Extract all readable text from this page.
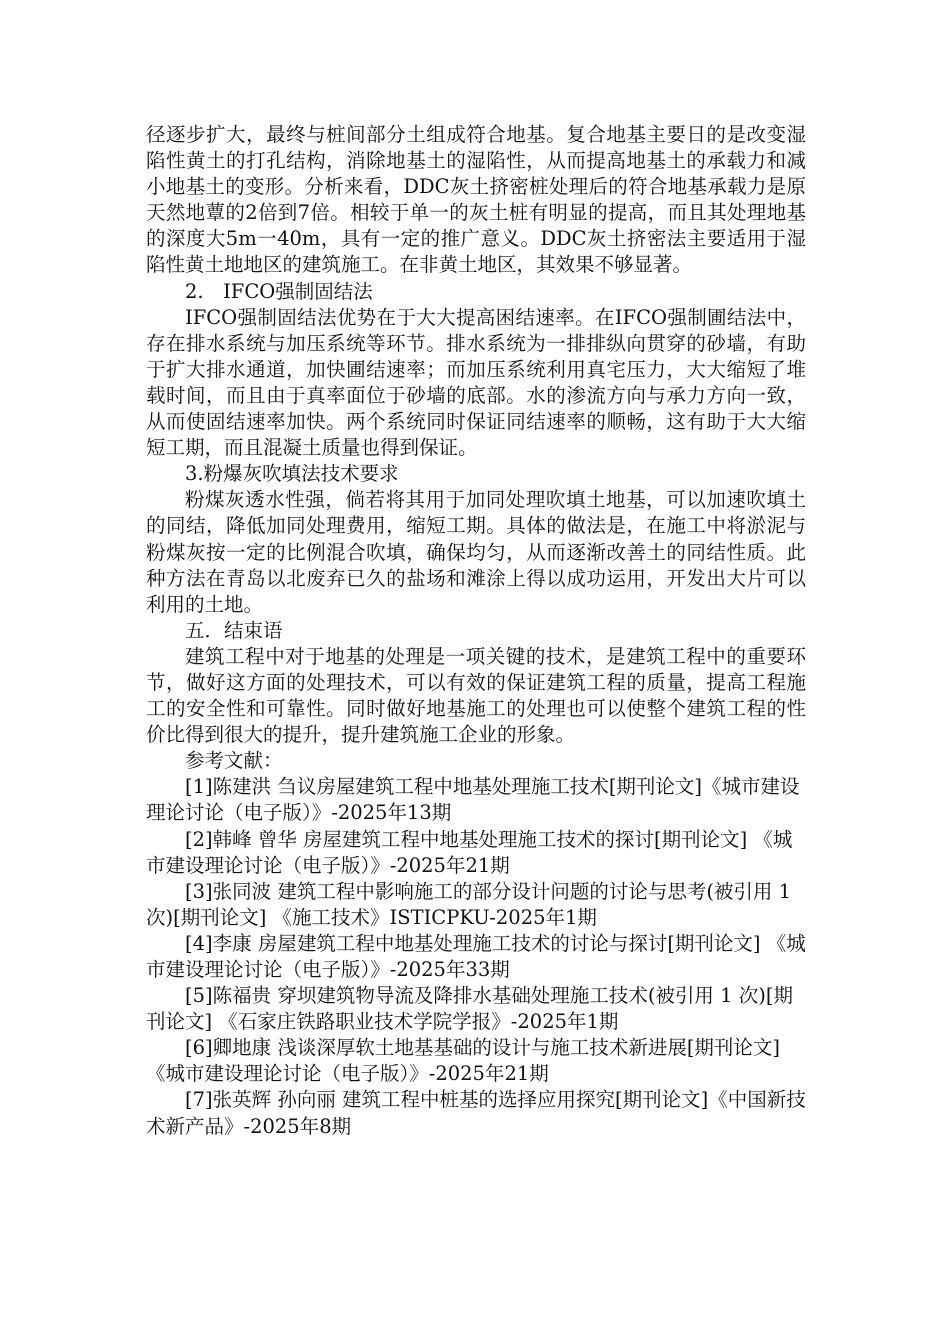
径逐步扩大，最终与桩间部分土组成符合地基。复合地基主要日的是改变湿陷性黄土的打孔结构，消除地基土的湿陷性，从而提高地基土的承载力和减小地基土的变形。分析来看，DDC灰土挤密桩处理后的符合地基承载力是原天然地蕈的2倍到7倍。相较于单一的灰土桩有明显的提高，而且其处理地基的深度大5m一40m，具有一定的推广意义。DDC灰土挤密法主要适用于湿陷性黄土地地区的建筑施工。在非黄土地区，其效果不够显著。

2.　IFCO强制固结法

IFCO强制固结法优势在于大大提高困结速率。在IFCO强制圃结法中，存在排水系统与加压系统等环节。排水系统为一排排纵向贯穿的砂墙，有助于扩大排水通道，加快圃结速率；而加压系统利用真宅压力，大大缩短了堆载时间，而且由于真率面位于砂墙的底部。水的渗流方向与承力方向一致，从而使固结速率加快。两个系统同时保证同结速率的顺畅，这有助于大大缩短工期，而且混凝土质量也得到保证。

3.粉爆灰吹填法技术要求

粉煤灰透水性强，倘若将其用于加同处理吹填土地基，可以加速吹填土的同结，降低加同处理费用，缩短工期。具体的做法是，在施工中将淤泥与粉煤灰按一定的比例混合吹填，确保均匀，从而逐渐改善土的同结性质。此种方法在青岛以北废弃已久的盐场和滩涂上得以成功运用，开发出大片可以利用的土地。

五．结束语

建筑工程中对于地基的处理是一项关键的技术，是建筑工程中的重要环节，做好这方面的处理技术，可以有效的保证建筑工程的质量，提高工程施工的安全性和可靠性。同时做好地基施工的处理也可以使整个建筑工程的性价比得到很大的提升，提升建筑施工企业的形象。

参考文献：

[1]陈建洪 刍议房屋建筑工程中地基处理施工技术[期刊论文]《城市建设理论讨论（电子版）》-2025年13期

[2]韩峰 曾华 房屋建筑工程中地基处理施工技术的探讨[期刊论文] 《城市建设理论讨论（电子版）》-2025年21期

[3]张同波 建筑工程中影响施工的部分设计问题的讨论与思考(被引用 1 次)[期刊论文] 《施工技术》ISTICPKU-2025年1期

[4]李康 房屋建筑工程中地基处理施工技术的讨论与探讨[期刊论文] 《城市建设理论讨论（电子版）》-2025年33期

[5]陈福贵 穿坝建筑物导流及降排水基础处理施工技术(被引用 1 次)[期刊论文] 《石家庄铁路职业技术学院学报》-2025年1期

[6]卿地康 浅谈深厚软土地基基础的设计与施工技术新进展[期刊论文] 《城市建设理论讨论（电子版）》-2025年21期

[7]张英辉 孙向丽 建筑工程中桩基的选择应用探究[期刊论文]《中国新技术新产品》-2025年8期
